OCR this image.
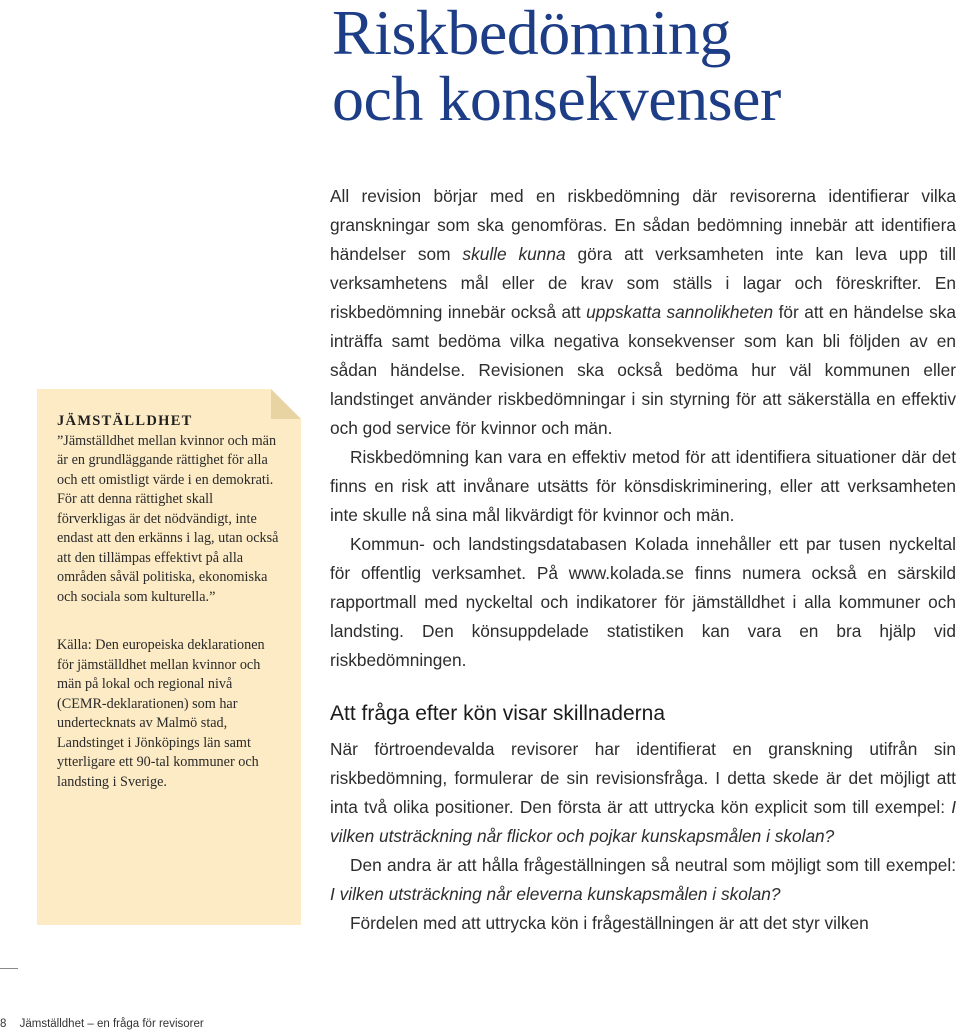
Riskbedömning
och konsekvenser

All revision börjar med en riskbedömning där revisorerna identifierar vilka granskningar som ska genomföras. En sådan bedömning innebär att identifiera händelser som skulle kunna göra att verksamheten inte kan leva upp till verksamhetens mål eller de krav som ställs i lagar och föreskrifter. En riskbedömning innebär också att uppskatta sannolikheten för att en händelse ska inträffa samt bedöma vilka negativa konsekvenser som kan bli följden av en sådan händelse. Revisionen ska också bedöma hur väl kommunen eller landstinget använder riskbedömningar i sin styrning för att säkerställa en effektiv och god service för kvinnor och män.

Riskbedömning kan vara en effektiv metod för att identifiera situationer där det finns en risk att invånare utsätts för könsdiskriminering, eller att verksamheten inte skulle nå sina mål likvärdigt för kvinnor och män.

Kommun- och landstingsdatabasen Kolada innehåller ett par tusen nyckeltal för offentlig verksamhet. På www.kolada.se finns numera också en särskild rapportmall med nyckeltal och indikatorer för jämställdhet i alla kommuner och landsting. Den könsuppdelade statistiken kan vara en bra hjälp vid riskbedömningen.

Att fråga efter kön visar skillnaderna

När förtroendevalda revisorer har identifierat en granskning utifrån sin riskbedömning, formulerar de sin revisionsfråga. I detta skede är det möjligt att inta två olika positioner. Den första är att uttrycka kön explicit som till exempel: I vilken utsträckning når flickor och pojkar kunskapsmålen i skolan?

Den andra är att hålla frågeställningen så neutral som möjligt som till exempel: I vilken utsträckning når eleverna kunskapsmålen i skolan?

Fördelen med att uttrycka kön i frågeställningen är att det styr vilken

JÄMSTÄLLDHET

”Jämställdhet mellan kvinnor och män är en grundläggande rättighet för alla och ett omistligt värde i en demokrati. För att denna rättighet skall förverkligas är det nödvändigt, inte endast att den erkänns i lag, utan också att den tillämpas effektivt på alla områden såväl politiska, ekonomiska och sociala som kulturella.”

Källa: Den europeiska deklarationen för jämställdhet mellan kvinnor och män på lokal och regional nivå (CEMR-deklarationen) som har undertecknats av Malmö stad, Landstinget i Jönköpings län samt ytterligare ett 90-tal kommuner och landsting i Sverige.

8 Jämställdhet – en fråga för revisorer
